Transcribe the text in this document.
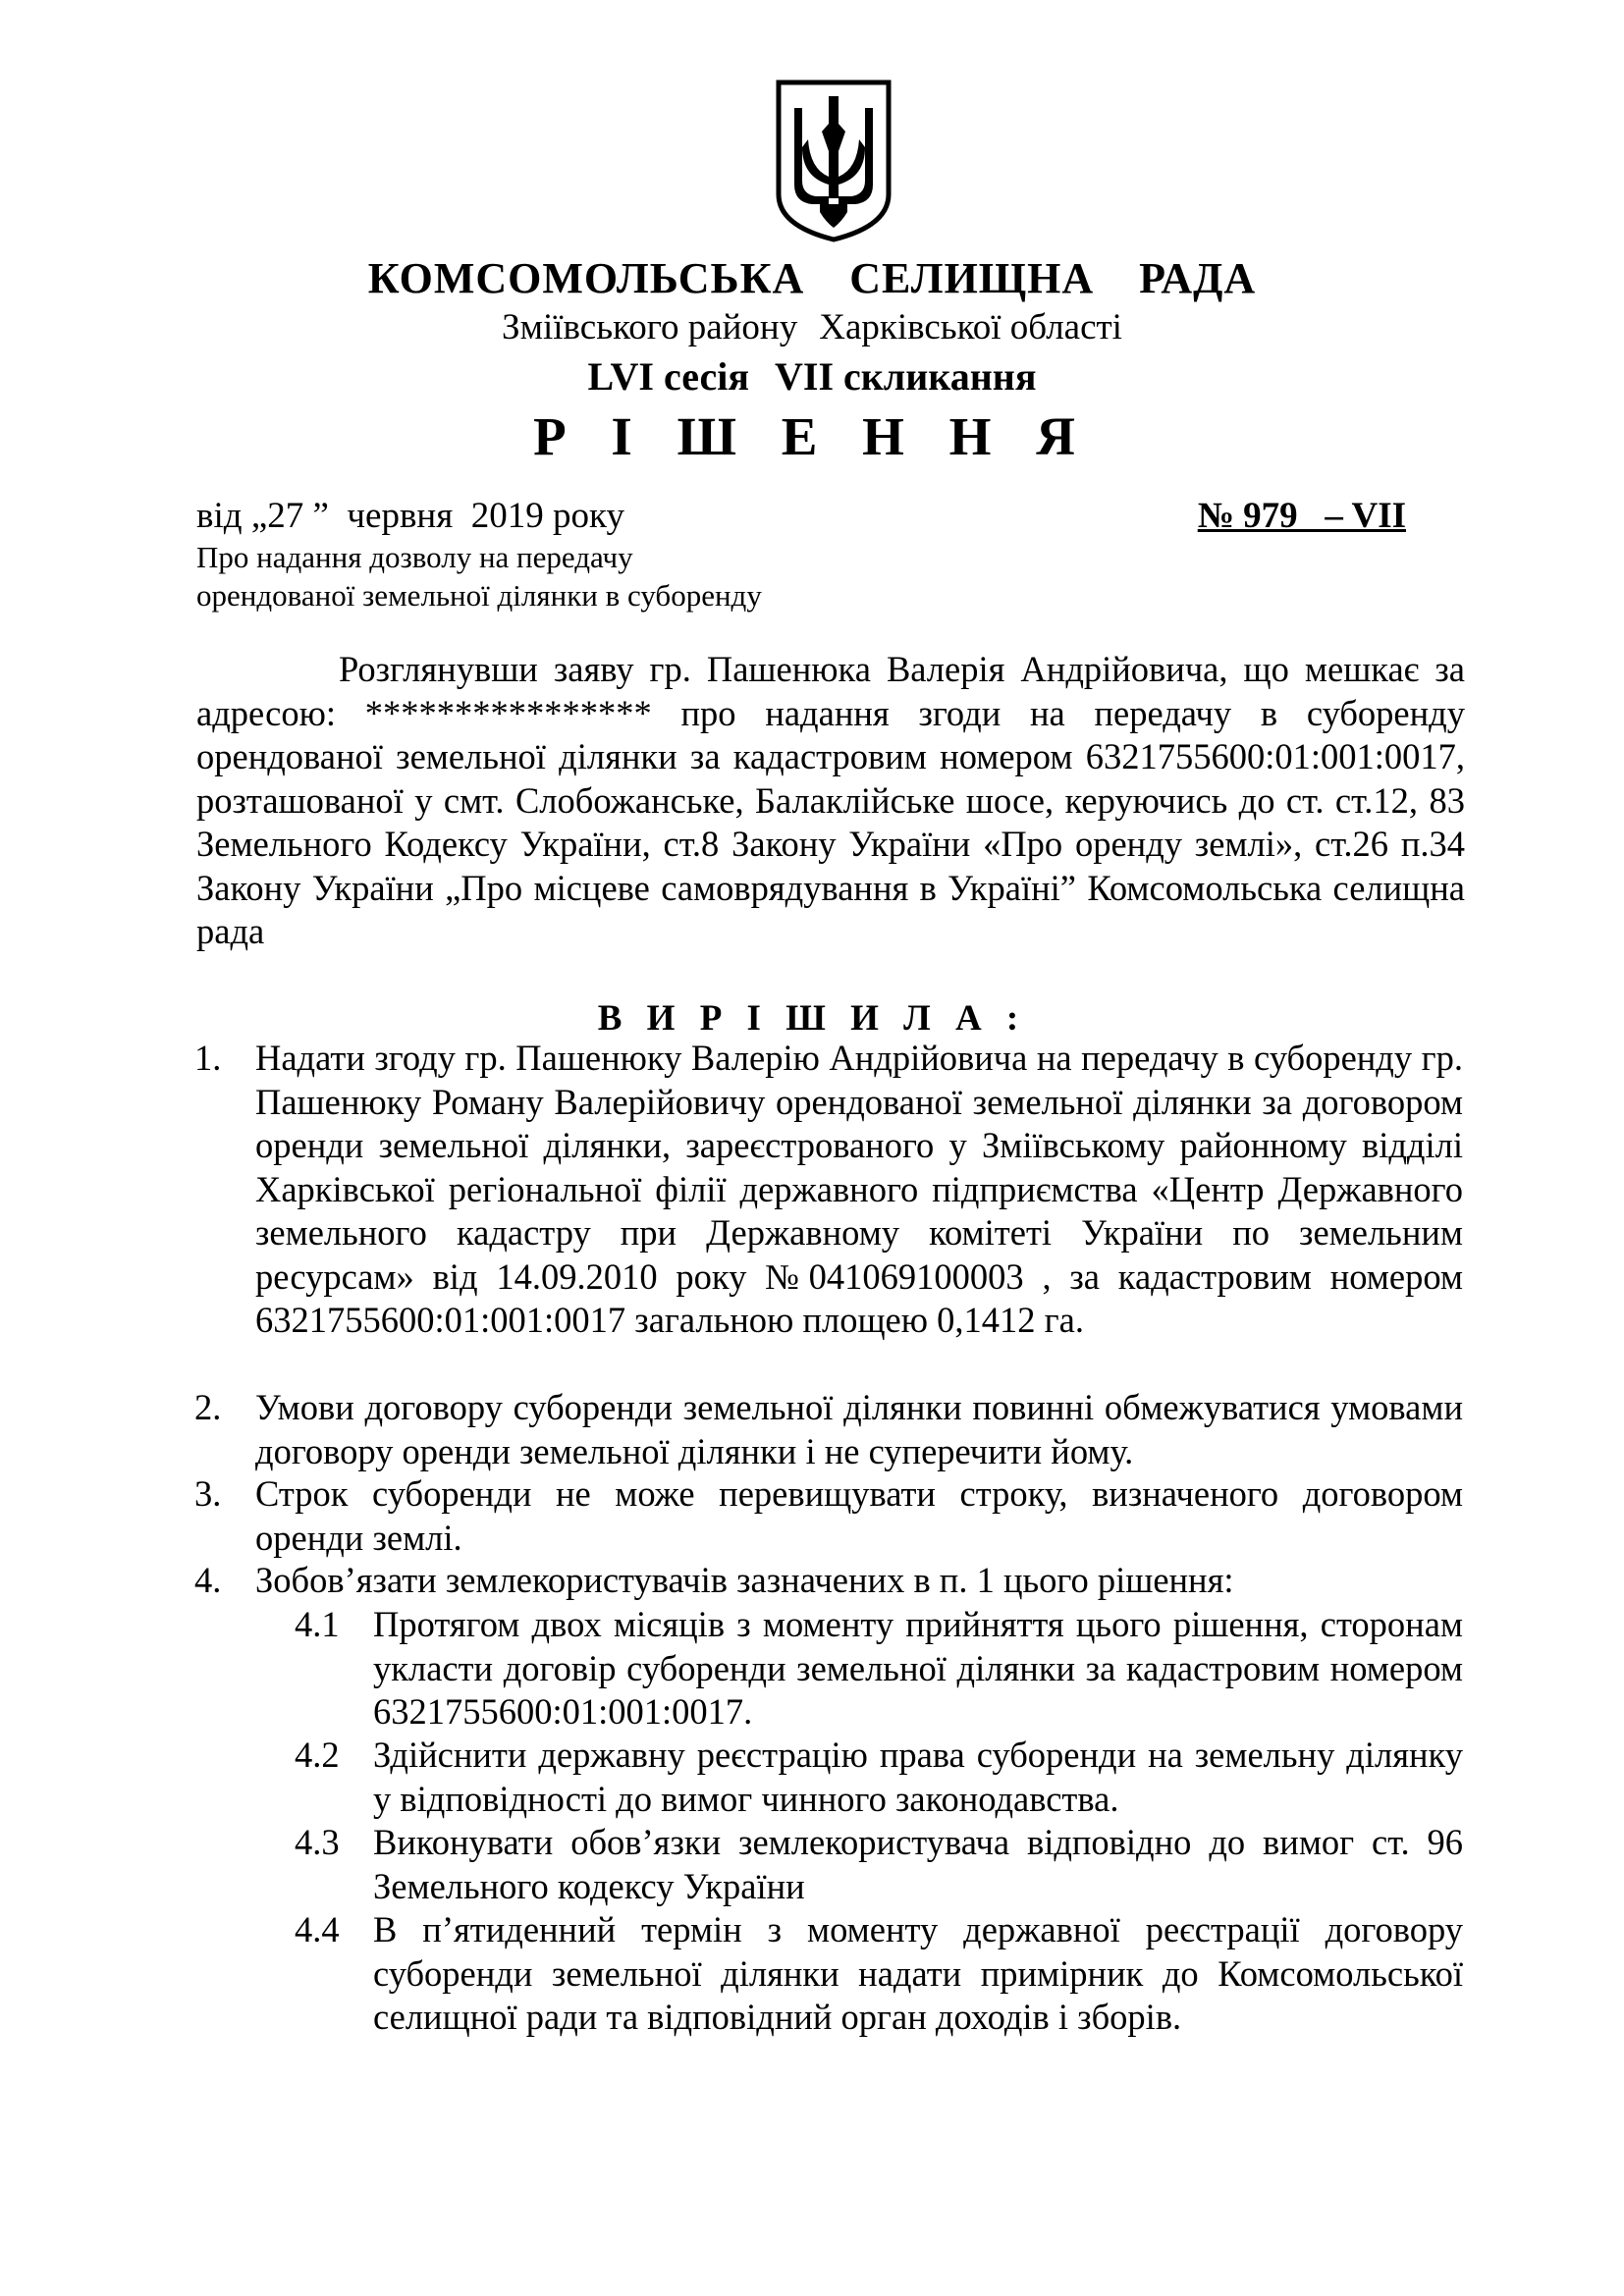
КОМСОМОЛЬСЬКА СЕЛИЩНА РАДА
Зміївського району Харківської області
LVI сесія VII скликання
Р І Ш Е Н Н Я
від „27 ”  червня  2019 року	№ 979   – VII
Про надання дозволу на передачу
орендованої земельної ділянки в суборенду
Розглянувши заяву гр. Пашенюка Валерія Андрійовича, що мешкає за адресою: **************** про надання згоди на передачу в суборенду орендованої земельної ділянки за кадастровим номером 6321755600:01:001:0017, розташованої у смт. Слобожанське, Балаклійське шосе, керуючись до ст. ст.12, 83 Земельного Кодексу України, ст.8 Закону України «Про оренду землі», ст.26 п.34 Закону України „Про місцеве самоврядування в Україні” Комсомольська селищна рада
В И Р І Ш И Л А :
1. Надати згоду гр. Пашенюку Валерію Андрійовича на передачу в суборенду гр. Пашенюку Роману Валерійовичу орендованої земельної ділянки за договором оренди земельної ділянки, зареєстрованого у Зміївському районному відділі Харківської регіональної філії державного підприємства «Центр Державного земельного кадастру при Державному комітеті України по земельним ресурсам» від 14.09.2010 року №041069100003 , за кадастровим номером 6321755600:01:001:0017 загальною площею 0,1412 га.
2. Умови договору суборенди земельної ділянки повинні обмежуватися умовами договору оренди земельної ділянки і не суперечити йому.
3. Строк суборенди не може перевищувати строку, визначеного договором оренди землі.
4. Зобов’язати землекористувачів зазначених в п. 1 цього рішення:
4.1 Протягом двох місяців з моменту прийняття цього рішення, сторонам укласти договір суборенди земельної ділянки за кадастровим номером 6321755600:01:001:0017.
4.2 Здійснити державну реєстрацію права суборенди на земельну ділянку у відповідності до вимог чинного законодавства.
4.3 Виконувати обов’язки землекористувача відповідно до вимог ст. 96 Земельного кодексу України
4.4 В п’ятиденний термін з моменту державної реєстрації договору суборенди земельної ділянки надати примірник до Комсомольської селищної ради та відповідний орган доходів і зборів.
